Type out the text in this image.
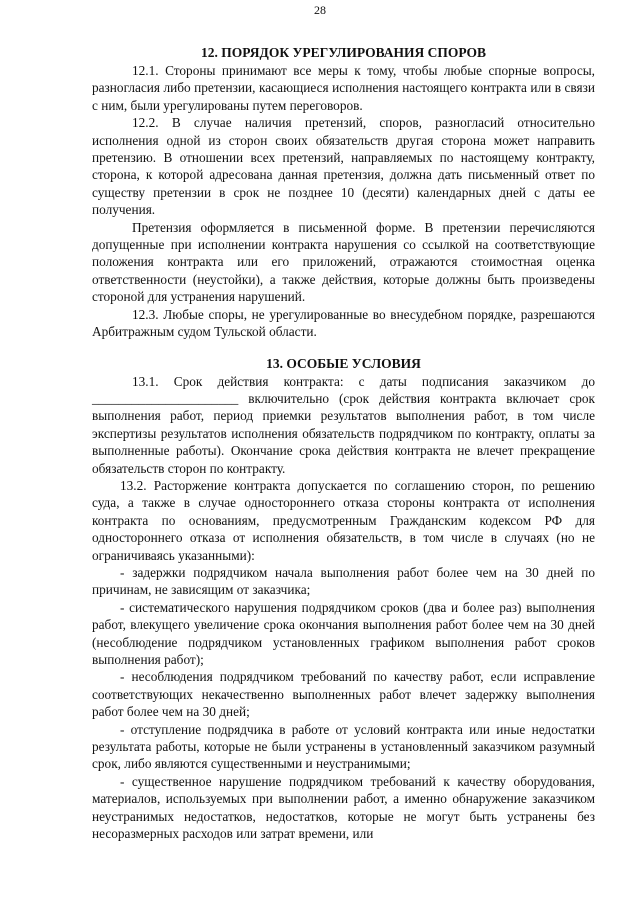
28
12. ПОРЯДОК УРЕГУЛИРОВАНИЯ СПОРОВ

12.1. Стороны принимают все меры к тому, чтобы любые спорные вопросы, разногласия либо претензии, касающиеся исполнения настоящего контракта или в связи с ним, были урегулированы путем переговоров.

12.2. В случае наличия претензий, споров, разногласий относительно исполнения одной из сторон своих обязательств другая сторона может направить претензию. В отношении всех претензий, направляемых по настоящему контракту, сторона, к которой адресована данная претензия, должна дать письменный ответ по существу претензии в срок не позднее 10 (десяти) календарных дней с даты ее получения.

Претензия оформляется в письменной форме. В претензии перечисляются допущенные при исполнении контракта нарушения со ссылкой на соответствующие положения контракта или его приложений, отражаются стоимостная оценка ответственности (неустойки), а также действия, которые должны быть произведены стороной для устранения нарушений.

12.3. Любые споры, не урегулированные во внесудебном порядке, разрешаются Арбитражным судом Тульской области.

13. ОСОБЫЕ УСЛОВИЯ

13.1. Срок действия контракта: с даты подписания заказчиком до ______________________ включительно (срок действия контракта включает срок выполнения работ, период приемки результатов выполнения работ, в том числе экспертизы результатов исполнения обязательств подрядчиком по контракту, оплаты за выполненные работы). Окончание срока действия контракта не влечет прекращение обязательств сторон по контракту.

13.2. Расторжение контракта допускается по соглашению сторон, по решению суда, а также в случае одностороннего отказа стороны контракта от исполнения контракта по основаниям, предусмотренным Гражданским кодексом РФ для одностороннего отказа от исполнения обязательств, в том числе в случаях (но не ограничиваясь указанными):

- задержки подрядчиком начала выполнения работ более чем на 30 дней по причинам, не зависящим от заказчика;

- систематического нарушения подрядчиком сроков (два и более раз) выполнения работ, влекущего увеличение срока окончания выполнения работ более чем на 30 дней (несоблюдение подрядчиком установленных графиком выполнения работ сроков выполнения работ);

- несоблюдения подрядчиком требований по качеству работ, если исправление соответствующих некачественно выполненных работ влечет задержку выполнения работ более чем на 30 дней;

- отступление подрядчика в работе от условий контракта или иные недостатки результата работы, которые не были устранены в установленный заказчиком разумный срок, либо являются существенными и неустранимыми;

- существенное нарушение подрядчиком требований к качеству оборудования, материалов, используемых при выполнении работ, а именно обнаружение заказчиком неустранимых недостатков, недостатков, которые не могут быть устранены без несоразмерных расходов или затрат времени, или
